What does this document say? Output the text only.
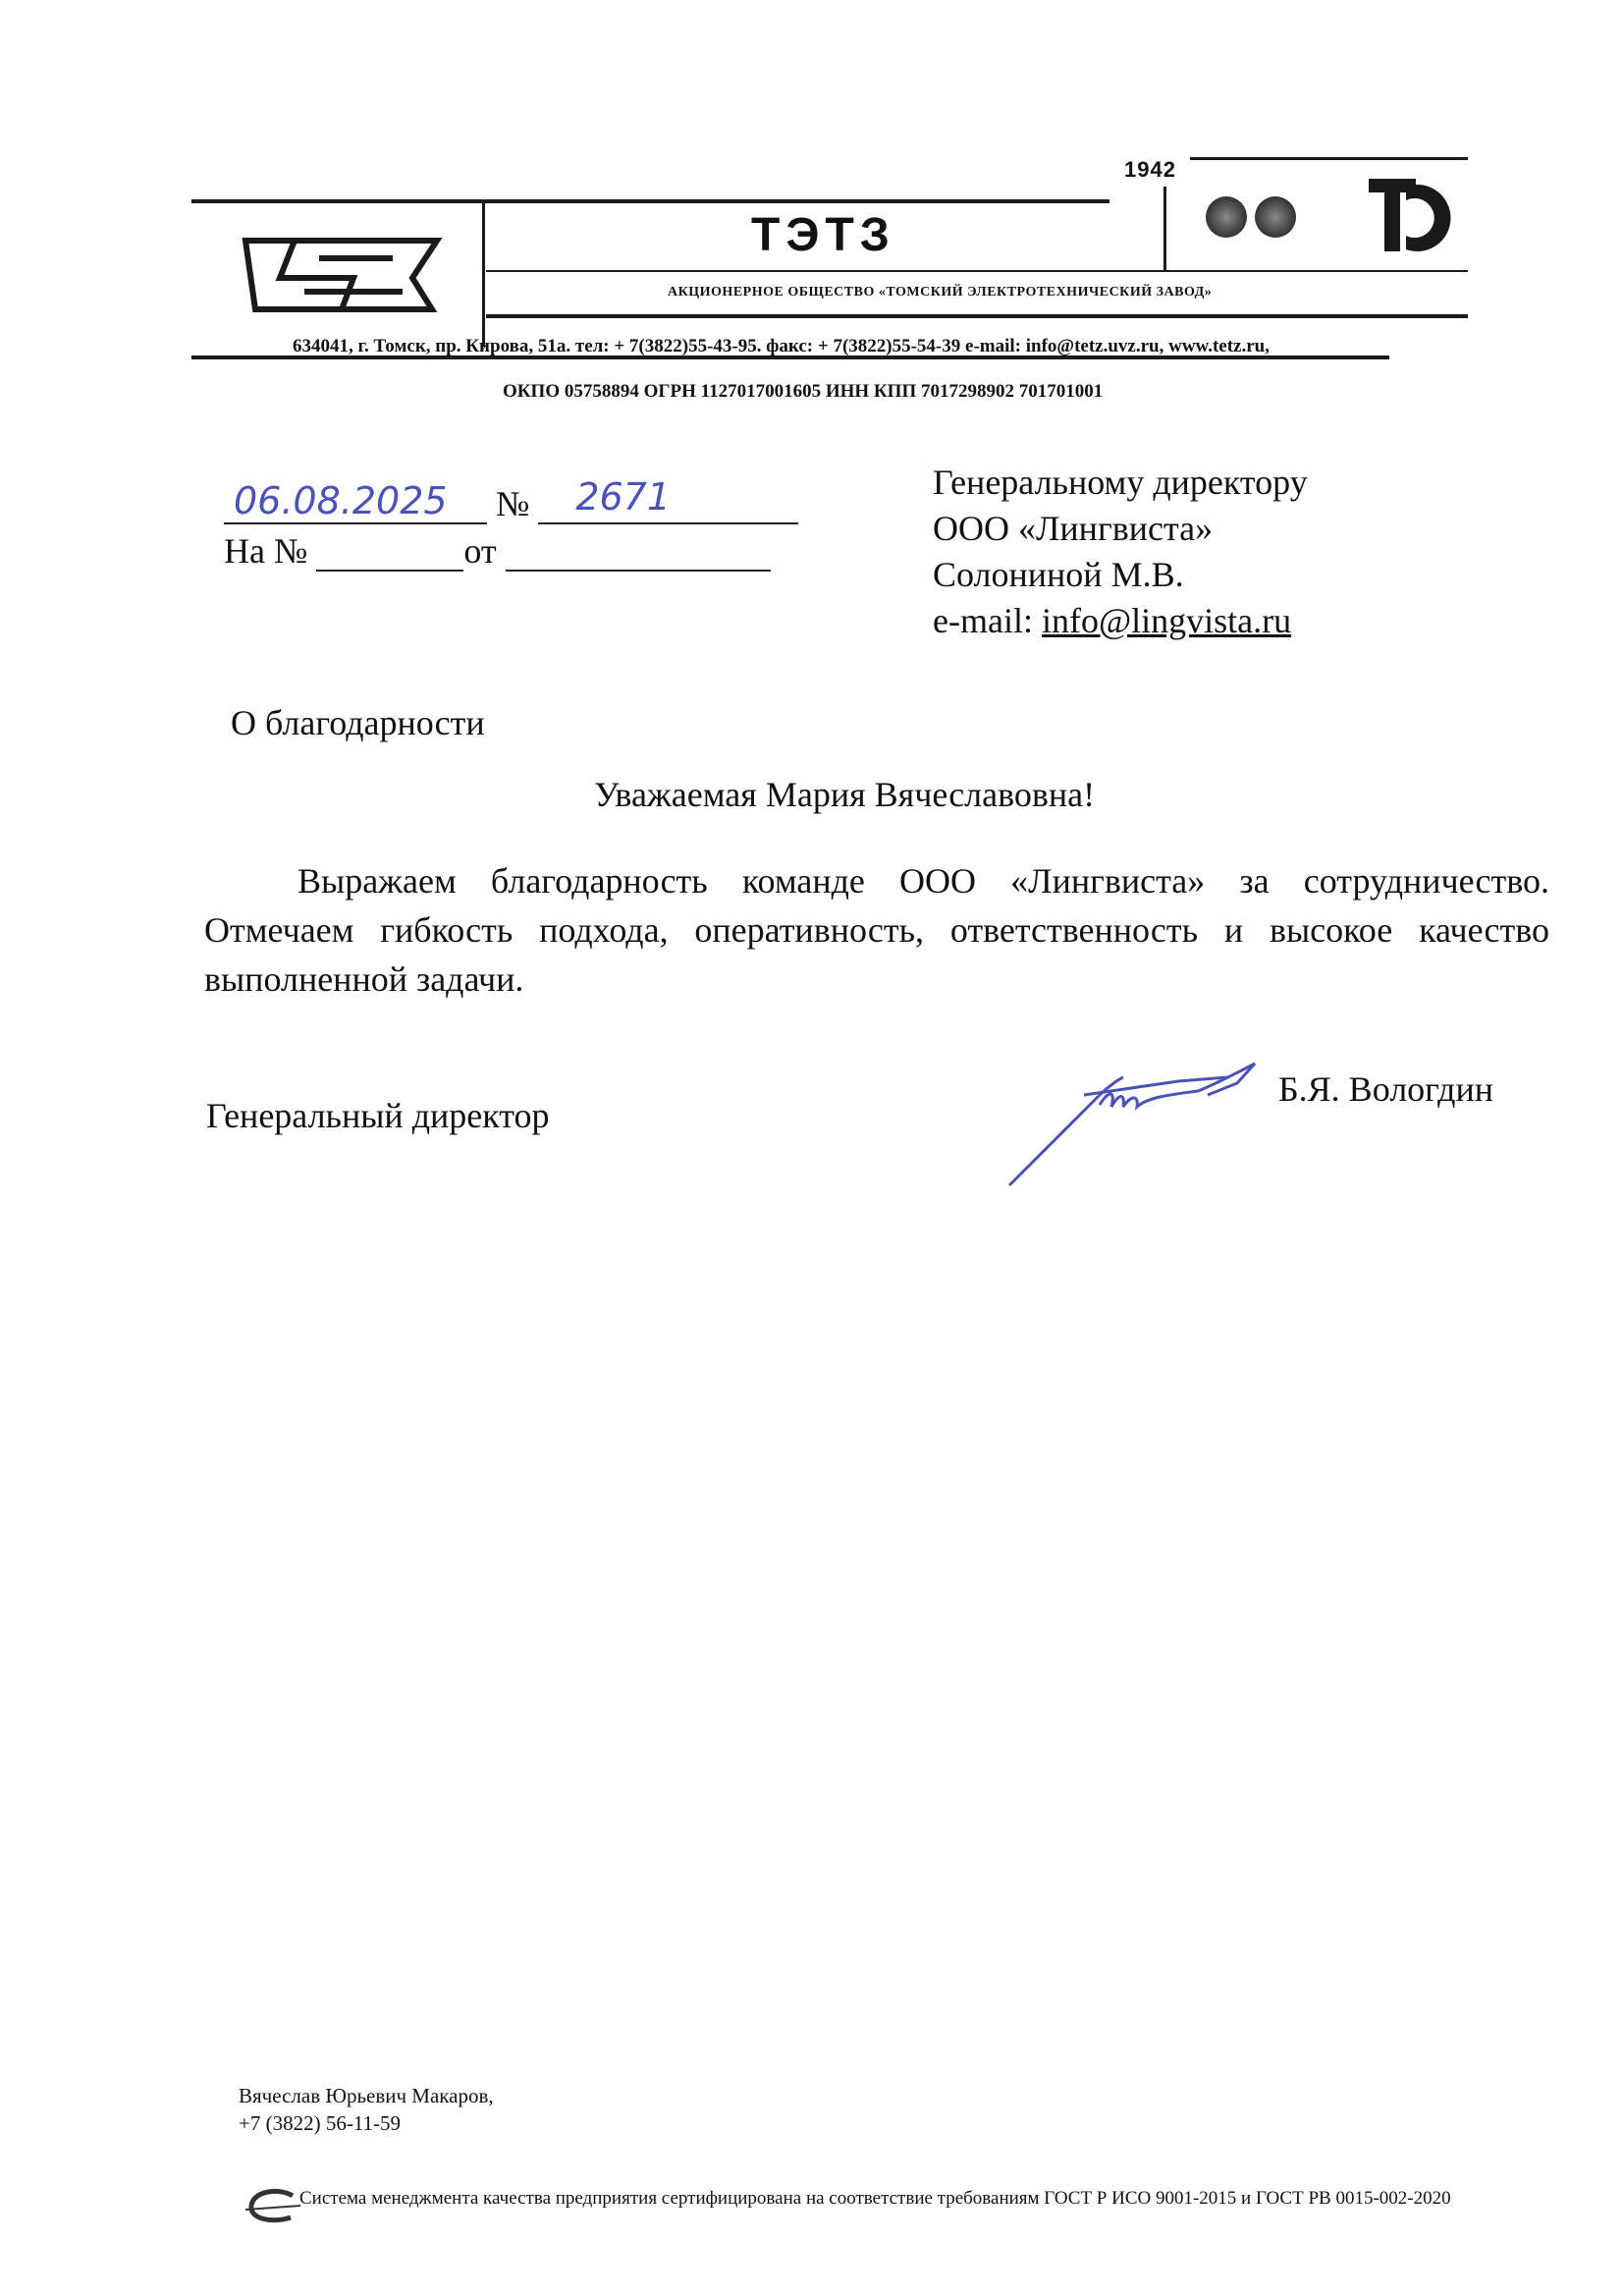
1942
ТЭТЗ
АКЦИОНЕРНОЕ ОБЩЕСТВО «ТОМСКИЙ ЭЛЕКТРОТЕХНИЧЕСКИЙ ЗАВОД»
634041, г. Томск, пр. Кирова, 51а. тел: + 7(3822)55-43-95. факс: + 7(3822)55-54-39 e-mail: info@tetz.uvz.ru, www.tetz.ru,
ОКПО 05758894 ОГРН 1127017001605 ИНН КПП 7017298902 701701001
06.08.2025 № 2671
На №	от
Генеральному директору
ООО «Лингвиста»
Солониной М.В.
e-mail: info@lingvista.ru
О благодарности
Уважаемая Мария Вячеславовна!
Выражаем благодарность команде ООО «Лингвиста» за сотрудничество.
Отмечаем гибкость подхода, оперативность, ответственность и высокое качество
выполненной задачи.
Генеральный директор
Б.Я. Вологдин
Вячеслав Юрьевич Макаров,
+7 (3822) 56-11-59
Система менеджмента качества предприятия сертифицирована на соответствие требованиям ГОСТ Р ИСО 9001-2015 и ГОСТ РВ 0015-002-2020
